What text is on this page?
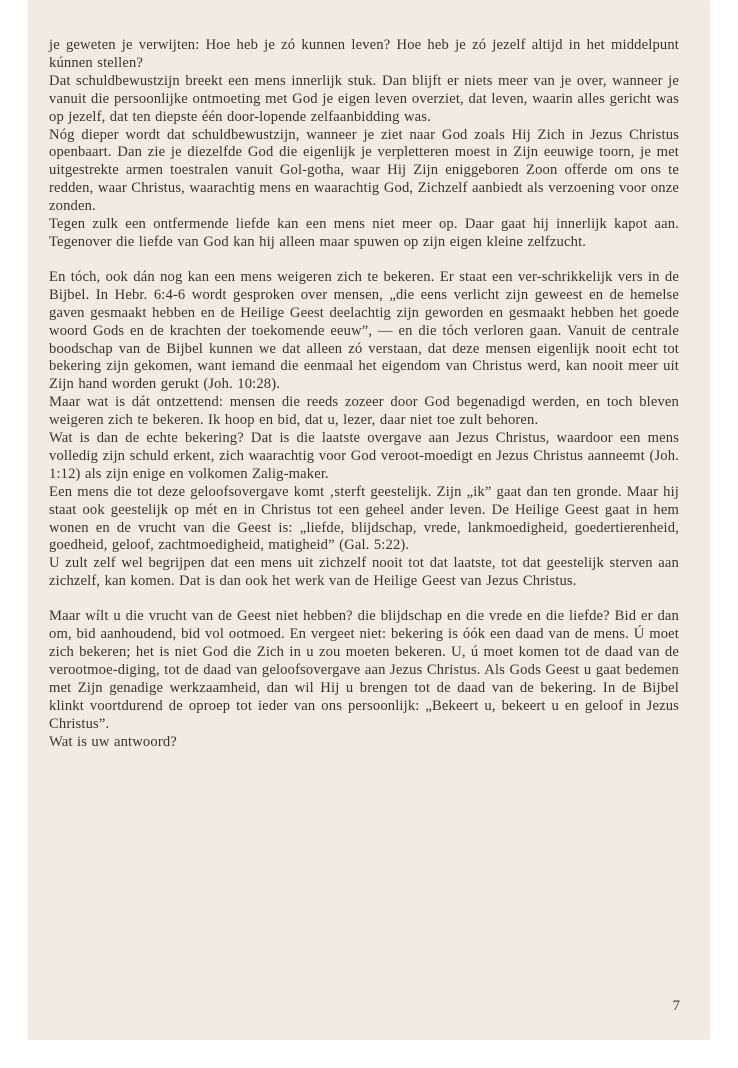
je geweten je verwijten: Hoe heb je zó kunnen leven? Hoe heb je zó jezelf altijd in het middelpunt kúnnen stellen?

Dat schuldbewustzijn breekt een mens innerlijk stuk. Dan blijft er niets meer van je over, wanneer je vanuit die persoonlijke ontmoeting met God je eigen leven overziet, dat leven, waarin alles gericht was op jezelf, dat ten diepste één door-lopende zelfaanbidding was.

Nóg dieper wordt dat schuldbewustzijn, wanneer je ziet naar God zoals Hij Zich in Jezus Christus openbaart. Dan zie je diezelfde God die eigenlijk je verpletteren moest in Zijn eeuwige toorn, je met uitgestrekte armen toestralen vanuit Gol-gotha, waar Hij Zijn eniggeboren Zoon offerde om ons te redden, waar Christus, waarachtig mens en waarachtig God, Zichzelf aanbiedt als verzoening voor onze zonden.

Tegen zulk een ontfermende liefde kan een mens niet meer op. Daar gaat hij innerlijk kapot aan. Tegenover die liefde van God kan hij alleen maar spuwen op zijn eigen kleine zelfzucht.

En tóch, ook dán nog kan een mens weigeren zich te bekeren. Er staat een ver-schrikkelijk vers in de Bijbel. In Hebr. 6:4-6 wordt gesproken over mensen, „die eens verlicht zijn geweest en de hemelse gaven gesmaakt hebben en de Heilige Geest deelachtig zijn geworden en gesmaakt hebben het goede woord Gods en de krachten der toekomende eeuw”, — en die tóch verloren gaan. Vanuit de centrale boodschap van de Bijbel kunnen we dat alleen zó verstaan, dat deze mensen eigenlijk nooit echt tot bekering zijn gekomen, want iemand die eenmaal het eigendom van Christus werd, kan nooit meer uit Zijn hand worden gerukt (Joh. 10:28).

Maar wat is dát ontzettend: mensen die reeds zozeer door God begenadigd werden, en toch bleven weigeren zich te bekeren. Ik hoop en bid, dat u, lezer, daar niet toe zult behoren.

Wat is dan de echte bekering? Dat is die laatste overgave aan Jezus Christus, waardoor een mens volledig zijn schuld erkent, zich waarachtig voor God veroot-moedigt en Jezus Christus aanneemt (Joh. 1:12) als zijn enige en volkomen Zalig-maker.

Een mens die tot deze geloofsovergave komt ‚sterft geestelijk. Zijn „ik” gaat dan ten gronde. Maar hij staat ook geestelijk op mét en in Christus tot een geheel ander leven. De Heilige Geest gaat in hem wonen en de vrucht van die Geest is: „liefde, blijdschap, vrede, lankmoedigheid, goedertierenheid, goedheid, geloof, zachtmoedigheid, matigheid” (Gal. 5:22).

U zult zelf wel begrijpen dat een mens uit zichzelf nooit tot dat laatste, tot dat geestelijk sterven aan zichzelf, kan komen. Dat is dan ook het werk van de Heilige Geest van Jezus Christus.

Maar wílt u die vrucht van de Geest niet hebben? die blijdschap en die vrede en die liefde? Bid er dan om, bid aanhoudend, bid vol ootmoed. En vergeet niet: bekering is óók een daad van de mens. Ú moet zich bekeren; het is niet God die Zich in u zou moeten bekeren. U, ú moet komen tot de daad van de verootmoe-diging, tot de daad van geloofsovergave aan Jezus Christus. Als Gods Geest u gaat bedemen met Zijn genadige werkzaamheid, dan wil Hij u brengen tot de daad van de bekering. In de Bijbel klinkt voortdurend de oproep tot ieder van ons persoonlijk: „Bekeert u, bekeert u en geloof in Jezus Christus”.

Wat is uw antwoord?

7
